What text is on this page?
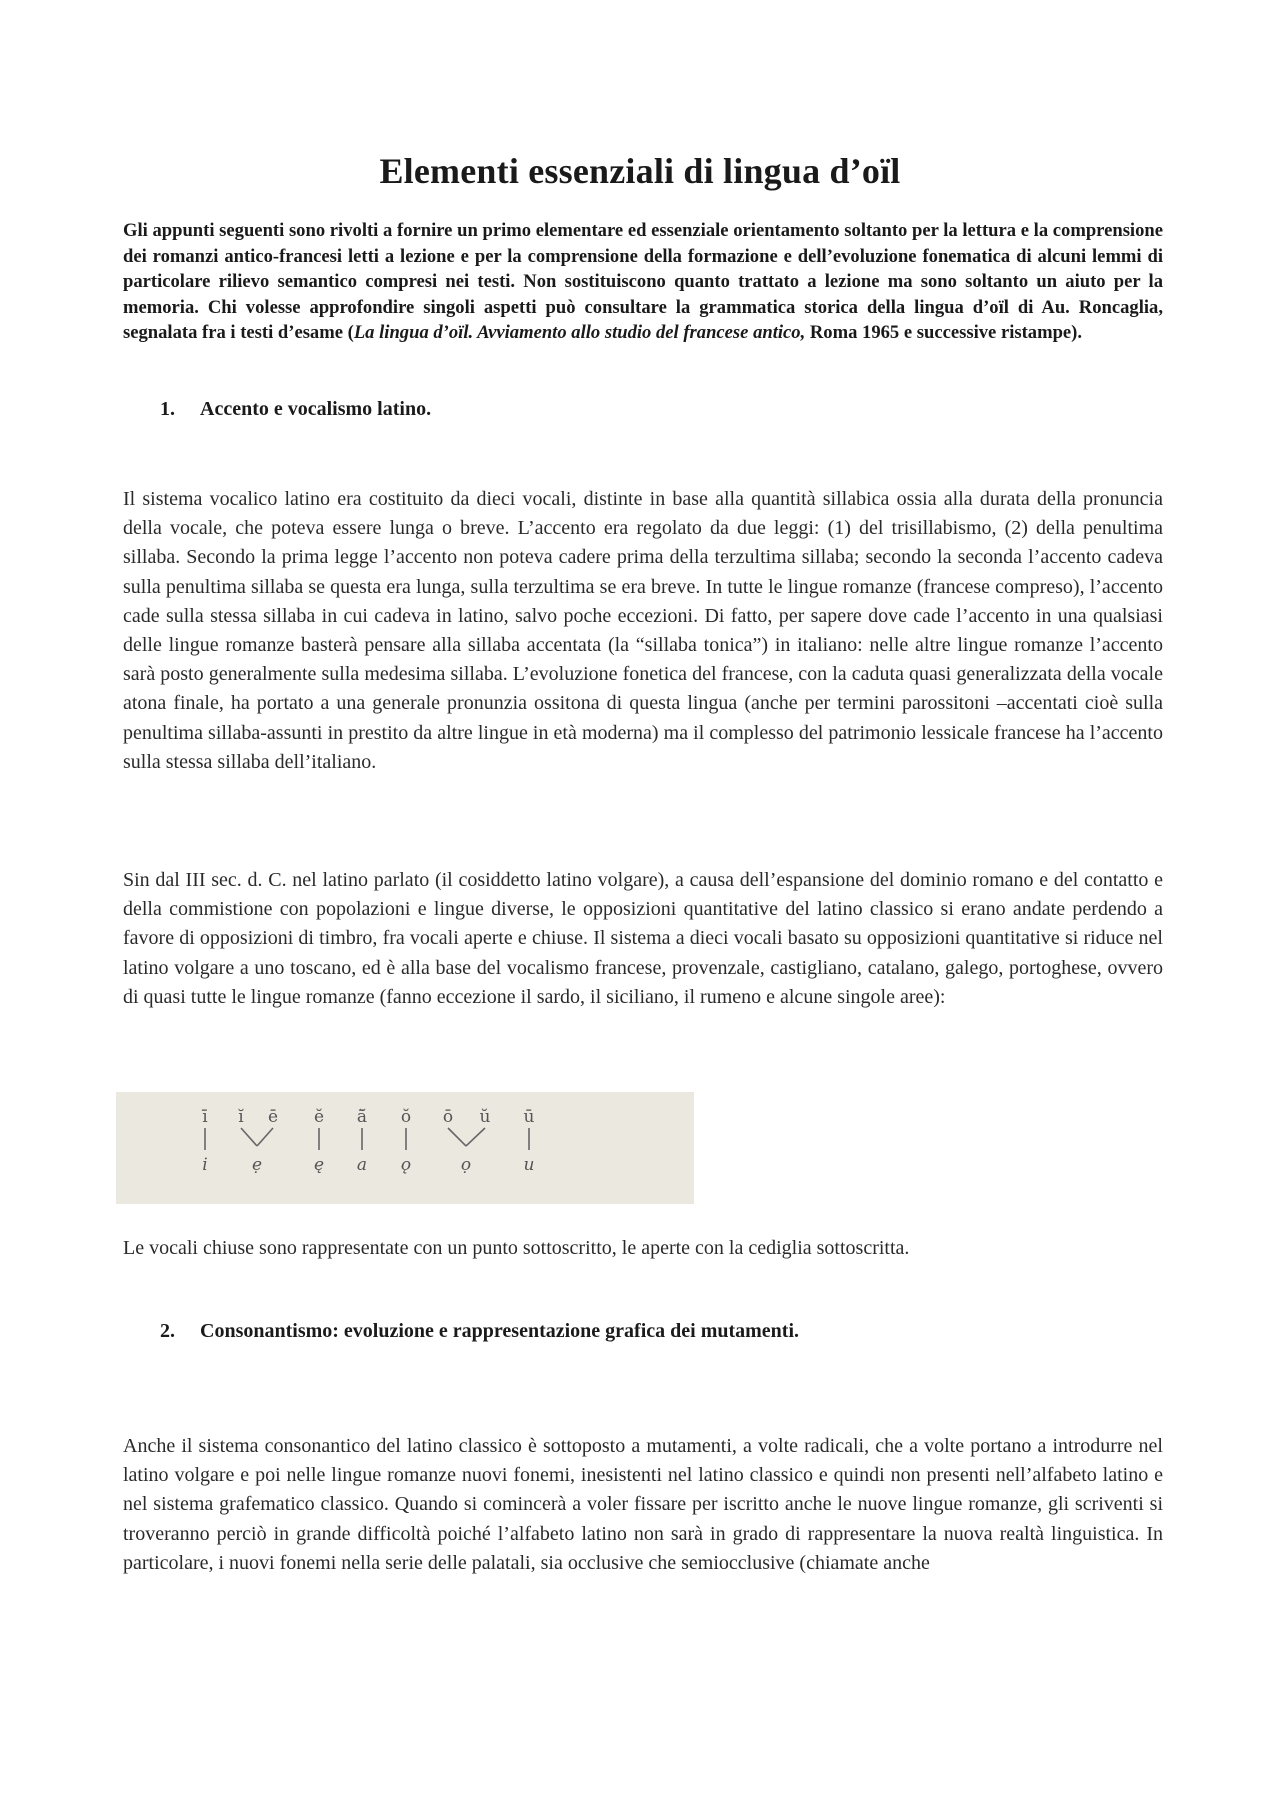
Elementi essenziali di lingua d’oïl
Gli appunti seguenti sono rivolti a fornire un primo elementare ed essenziale orientamento soltanto per la lettura e la comprensione dei romanzi antico-francesi letti a lezione e per la comprensione della formazione e dell’evoluzione fonematica di alcuni lemmi di particolare rilievo semantico compresi nei testi. Non sostituiscono quanto trattato a lezione ma sono soltanto un aiuto per la memoria. Chi volesse approfondire singoli aspetti può consultare la grammatica storica della lingua d’oïl di Au. Roncaglia, segnalata fra i testi d’esame (La lingua d’oïl. Avviamento allo studio del francese antico, Roma 1965 e successive ristampe).
1. Accento e vocalismo latino.

Il sistema vocalico latino era costituito da dieci vocali, distinte in base alla quantità sillabica ossia alla durata della pronuncia della vocale, che poteva essere lunga o breve. L’accento era regolato da due leggi: (1) del trisillabismo, (2) della penultima sillaba. Secondo la prima legge l’accento non poteva cadere prima della terzultima sillaba; secondo la seconda l’accento cadeva sulla penultima sillaba se questa era lunga, sulla terzultima se era breve. In tutte le lingue romanze (francese compreso), l’accento cade sulla stessa sillaba in cui cadeva in latino, salvo poche eccezioni. Di fatto, per sapere dove cade l’accento in una qualsiasi delle lingue romanze basterà pensare alla sillaba accentata (la “sillaba tonica”) in italiano: nelle altre lingue romanze l’accento sarà posto generalmente sulla medesima sillaba. L’evoluzione fonetica del francese, con la caduta quasi generalizzata della vocale atona finale, ha portato a una generale pronunzia ossitona di questa lingua (anche per termini parossitoni –accentati cioè sulla penultima sillaba-assunti in prestito da altre lingue in età moderna) ma il complesso del patrimonio lessicale francese ha l’accento sulla stessa sillaba dell’italiano.

Sin dal III sec. d. C. nel latino parlato (il cosiddetto latino volgare), a causa dell’espansione del dominio romano e del contatto e della commistione con popolazioni e lingue diverse, le opposizioni quantitative del latino classico si erano andate perdendo a favore di opposizioni di timbro, fra vocali aperte e chiuse. Il sistema a dieci vocali basato su opposizioni quantitative si riduce nel latino volgare a uno toscano, ed è alla base del vocalismo francese, provenzale, castigliano, catalano, galego, portoghese, ovvero di quasi tutte le lingue romanze (fanno eccezione il sardo, il siciliano, il rumeno e alcune singole aree):

ī ĭ ē ĕ ā̆ ŏ ō ŭ ū
i	ẹ	ę a ǫ	ọ	u

Le vocali chiuse sono rappresentate con un punto sottoscritto, le aperte con la cediglia sottoscritta.

2. Consonantismo: evoluzione e rappresentazione grafica dei mutamenti.

Anche il sistema consonantico del latino classico è sottoposto a mutamenti, a volte radicali, che a volte portano a introdurre nel latino volgare e poi nelle lingue romanze nuovi fonemi, inesistenti nel latino classico e quindi non presenti nell’alfabeto latino e nel sistema grafematico classico. Quando si comincerà a voler fissare per iscritto anche le nuove lingue romanze, gli scriventi si troveranno perciò in grande difficoltà poiché l’alfabeto latino non sarà in grado di rappresentare la nuova realtà linguistica. In particolare, i nuovi fonemi nella serie delle palatali, sia occlusive che semiocclusive (chiamate anche
